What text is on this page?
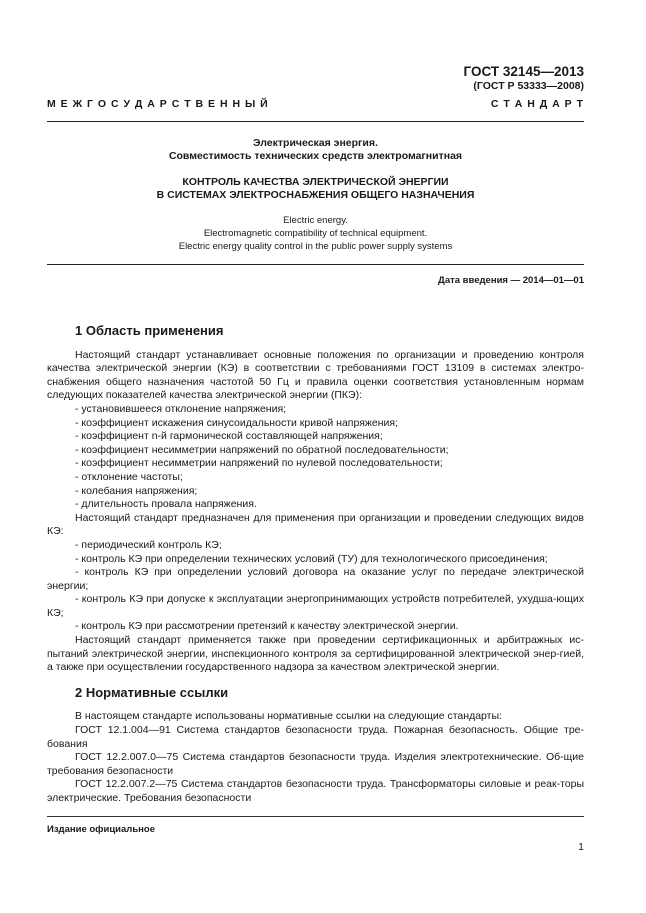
ГОСТ 32145—2013
(ГОСТ Р 53333—2008)
М Е Ж Г О С У Д А Р С Т В Е Н Н Ы Й	С Т А Н Д А Р Т
Электрическая энергия.
Совместимость технических средств электромагнитная
КОНТРОЛЬ КАЧЕСТВА ЭЛЕКТРИЧЕСКОЙ ЭНЕРГИИ
В СИСТЕМАХ ЭЛЕКТРОСНАБЖЕНИЯ ОБЩЕГО НАЗНАЧЕНИЯ
Electric energy.
Electromagnetic compatibility of technical equipment.
Electric energy quality control in the public power supply systems
Дата введения — 2014—01—01
1 Область применения
Настоящий стандарт устанавливает основные положения по организации и проведению контроля качества электрической энергии (КЭ) в соответствии с требованиями ГОСТ 13109 в системах электро-снабжения общего назначения частотой 50 Гц и правила оценки соответствия установленным нормам следующих показателей качества электрической энергии (ПКЭ):
- установившееся отклонение напряжения;
- коэффициент искажения синусоидальности кривой напряжения;
- коэффициент n-й гармонической составляющей напряжения;
- коэффициент несимметрии напряжений по обратной последовательности;
- коэффициент несимметрии напряжений по нулевой последовательности;
- отклонение частоты;
- колебания напряжения;
- длительность провала напряжения.
Настоящий стандарт предназначен для применения при организации и проведении следующих видов КЭ:
- периодический контроль КЭ;
- контроль КЭ при определении технических условий (ТУ) для технологического присоединения;
- контроль КЭ при определении условий договора на оказание услуг по передаче электрической энергии;
- контроль КЭ при допуске к эксплуатации энергопринимающих устройств потребителей, ухудша-ющих КЭ;
- контроль КЭ при рассмотрении претензий к качеству электрической энергии.
Настоящий стандарт применяется также при проведении сертификационных и арбитражных ис-пытаний электрической энергии, инспекционного контроля за сертифицированной электрической энер-гией, а также при осуществлении государственного надзора за качеством электрической энергии.
2 Нормативные ссылки
В настоящем стандарте использованы нормативные ссылки на следующие стандарты:
ГОСТ 12.1.004—91 Система стандартов безопасности труда. Пожарная безопасность. Общие тре-бования
ГОСТ 12.2.007.0—75 Система стандартов безопасности труда. Изделия электротехнические. Об-щие требования безопасности
ГОСТ 12.2.007.2—75 Система стандартов безопасности труда. Трансформаторы силовые и реак-торы электрические. Требования безопасности
Издание официальное
1
